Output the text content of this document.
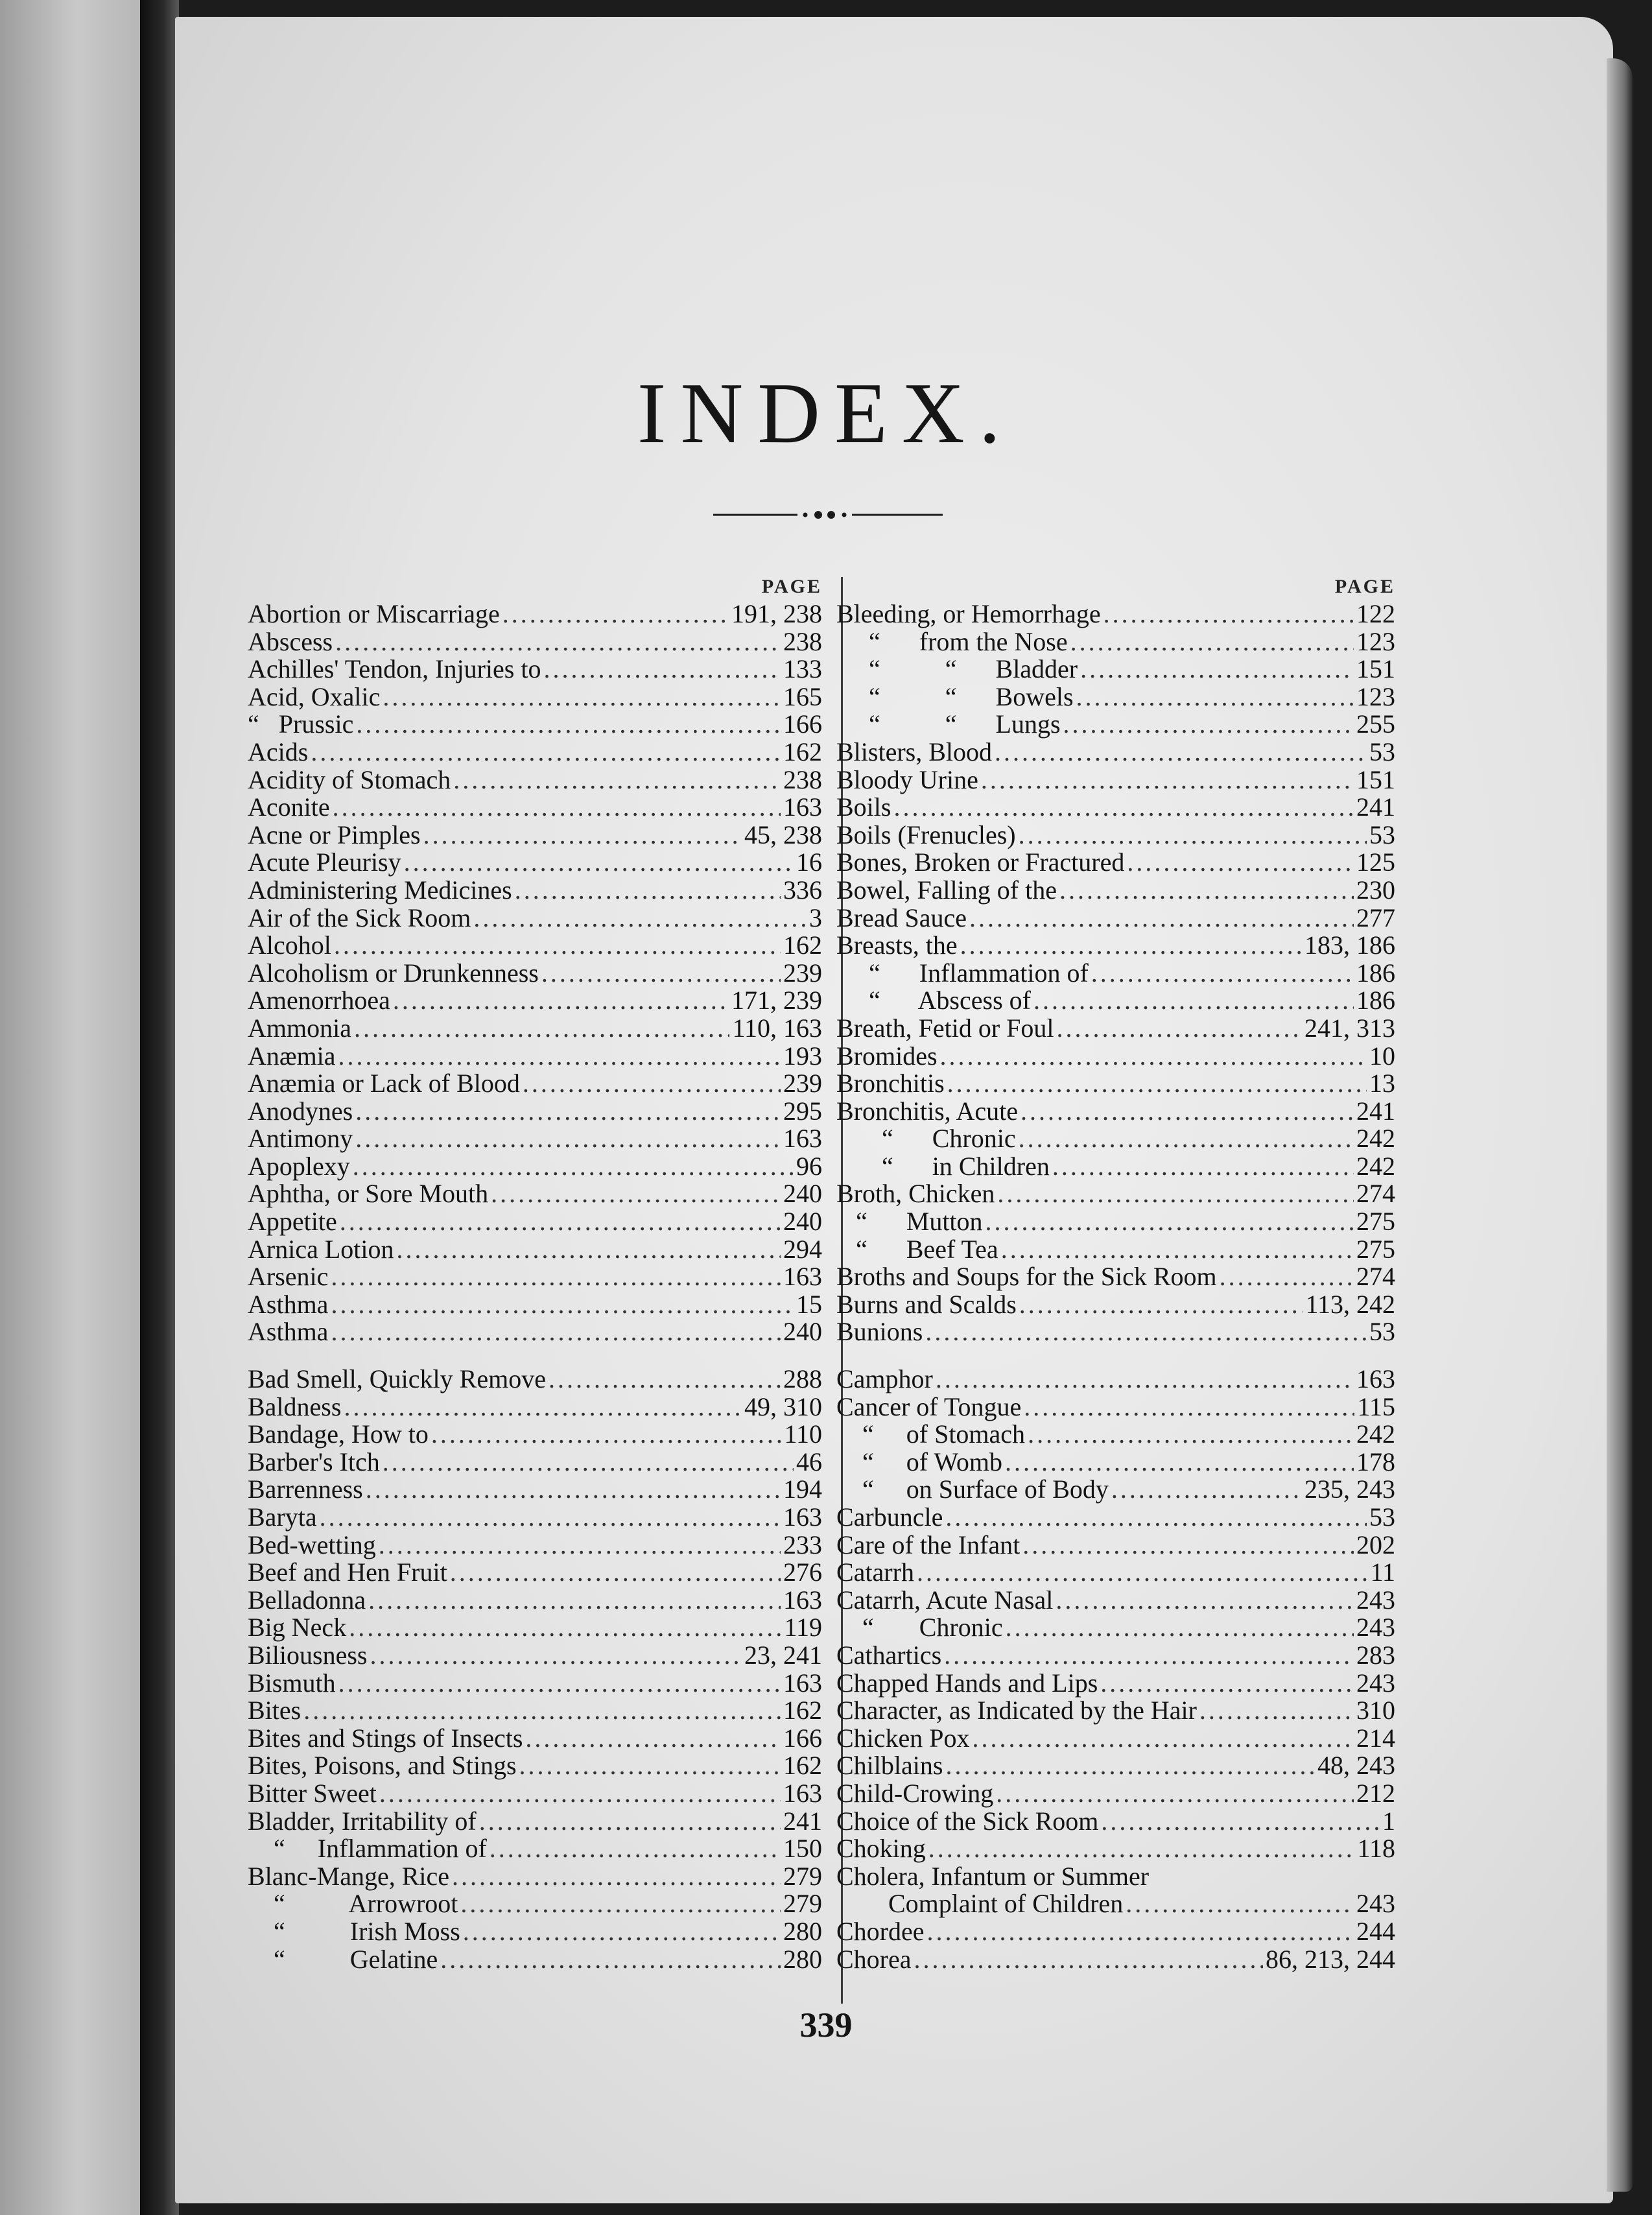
INDEX.
PAGE
Abortion or Miscarriage .....	191, 238
Abscess .....	238
Achilles' Tendon, Injuries to .....	133
Acid, Oxalic .....	165
“   Prussic .....	166
Acids .....	162
Acidity of Stomach .....	238
Aconite .....	163
Acne or Pimples .....	45, 238
Acute Pleurisy .....	16
Administering Medicines .....	336
Air of the Sick Room .....	3
Alcohol .....	162
Alcoholism or Drunkenness .....	239
Amenorrhoea .....	171, 239
Ammonia .....	110, 163
Anæmia .....	193
Anæmia or Lack of Blood .....	239
Anodynes .....	295
Antimony .....	163
Apoplexy .....	96
Aphtha, or Sore Mouth .....	240
Appetite .....	240
Arnica Lotion .....	294
Arsenic .....	163
Asthma .....	15
Asthma .....	240
Bad Smell, Quickly Remove .....	288
Baldness .....	49, 310
Bandage, How to .....	110
Barber's Itch .....	46
Barrenness .....	194
Baryta .....	163
Bed-wetting .....	233
Beef and Hen Fruit .....	276
Belladonna .....	163
Big Neck .....	119
Biliousness .....	23, 241
Bismuth .....	163
Bites .....	162
Bites and Stings of Insects .....	166
Bites, Poisons, and Stings .....	162
Bitter Sweet .....	163
Bladder, Irritability of .....	241
“     Inflammation of .....	150
Blanc-Mange, Rice .....	279
“          Arrowroot .....	279
“          Irish Moss .....	280
“          Gelatine .....	280
PAGE
Bleeding, or Hemorrhage .....	122
“      from the Nose .....	123
“          “      Bladder .....	151
“          “      Bowels .....	123
“          “      Lungs .....	255
Blisters, Blood .....	53
Bloody Urine .....	151
Boils .....	241
Boils (Frenucles) .....	53
Bones, Broken or Fractured .....	125
Bowel, Falling of the .....	230
Bread Sauce .....	277
Breasts, the .....	183, 186
“      Inflammation of .....	186
“      Abscess of .....	186
Breath, Fetid or Foul .....	241, 313
Bromides .....	10
Bronchitis .....	13
Bronchitis, Acute .....	241
“      Chronic .....	242
“      in Children .....	242
Broth, Chicken .....	274
“      Mutton .....	275
“      Beef Tea .....	275
Broths and Soups for the Sick Room .....	274
Burns and Scalds .....	113, 242
Bunions .....	53
Camphor .....	163
Cancer of Tongue .....	115
“     of Stomach .....	242
“     of Womb .....	178
“     on Surface of Body .....	235, 243
Carbuncle .....	53
Care of the Infant .....	202
Catarrh .....	11
Catarrh, Acute Nasal .....	243
“       Chronic .....	243
Cathartics .....	283
Chapped Hands and Lips .....	243
Character, as Indicated by the Hair .....	310
Chicken Pox .....	214
Chilblains .....	48, 243
Child-Crowing .....	212
Choice of the Sick Room .....	1
Choking .....	118
Cholera, Infantum or Summer
Complaint of Children .....	243
Chordee .....	244
Chorea .....	86, 213, 244
339
